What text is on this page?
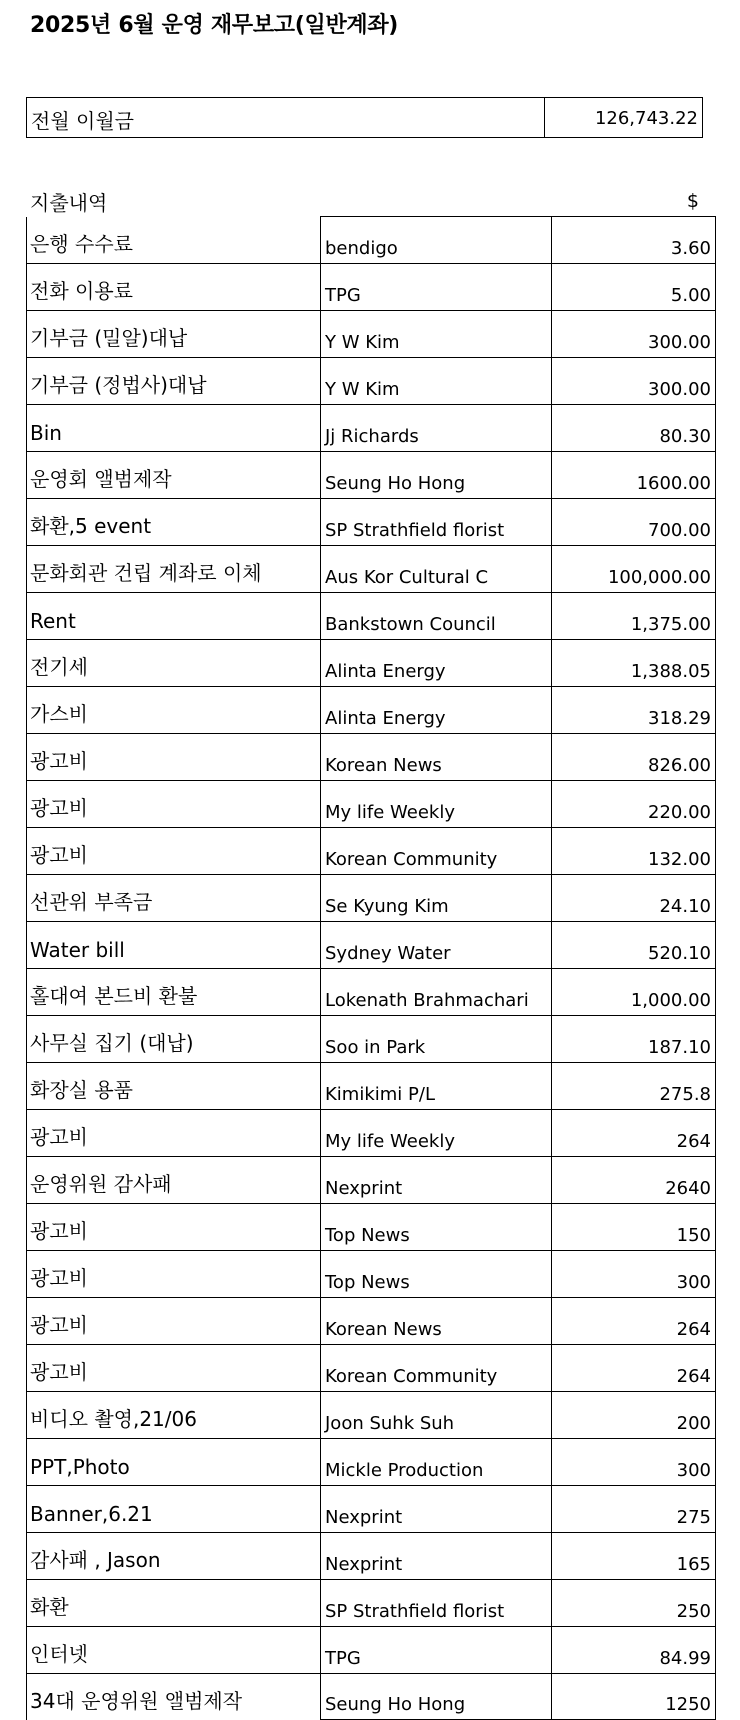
2025년 6월 운영 재무보고(일반계좌)
전월 이월금	126,743.22
지출내역	$
은행 수수료	bendigo	3.60
전화 이용료	TPG	5.00
기부금 (밀알)대납	Y W Kim	300.00
기부금 (정법사)대납	Y W Kim	300.00
Bin	Jj Richards	80.30
운영회 앨범제작	Seung Ho Hong	1600.00
화환,5 event	SP Strathfield florist	700.00
문화회관 건립 계좌로 이체	Aus Kor Cultural C	100,000.00
Rent	Bankstown Council	1,375.00
전기세	Alinta Energy	1,388.05
가스비	Alinta Energy	318.29
광고비	Korean News	826.00
광고비	My life Weekly	220.00
광고비	Korean Community	132.00
선관위 부족금	Se Kyung Kim	24.10
Water bill	Sydney Water	520.10
홀대여 본드비 환불	Lokenath Brahmachari	1,000.00
사무실 집기 (대납)	Soo in Park	187.10
화장실 용품	Kimikimi P/L	275.8
광고비	My life Weekly	264
운영위원 감사패	Nexprint	2640
광고비	Top News	150
광고비	Top News	300
광고비	Korean News	264
광고비	Korean Community	264
비디오 촬영,21/06	Joon Suhk Suh	200
PPT,Photo	Mickle Production	300
Banner,6.21	Nexprint	275
감사패 , Jason	Nexprint	165
화환	SP Strathfield florist	250
인터넷	TPG	84.99
34대 운영위원 앨범제작	Seung Ho Hong	1250
